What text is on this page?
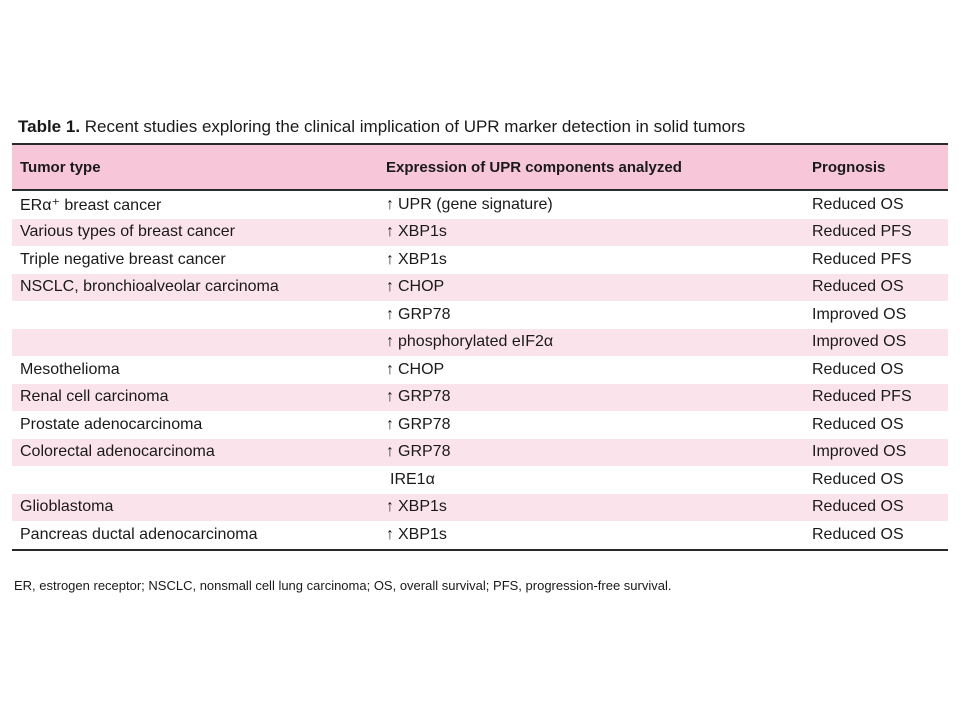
Table 1. Recent studies exploring the clinical implication of UPR marker detection in solid tumors
Tumor type	Expression of UPR components analyzed	Prognosis
ERα⁺ breast cancer	↑ UPR (gene signature)	Reduced OS
Various types of breast cancer	↑ XBP1s	Reduced PFS
Triple negative breast cancer	↑ XBP1s	Reduced PFS
NSCLC, bronchioalveolar carcinoma	↑ CHOP	Reduced OS
	↑ GRP78	Improved OS
	↑ phosphorylated eIF2α	Improved OS
Mesothelioma	↑ CHOP	Reduced OS
Renal cell carcinoma	↑ GRP78	Reduced PFS
Prostate adenocarcinoma	↑ GRP78	Reduced OS
Colorectal adenocarcinoma	↑ GRP78	Improved OS
	IRE1α	Reduced OS
Glioblastoma	↑ XBP1s	Reduced OS
Pancreas ductal adenocarcinoma	↑ XBP1s	Reduced OS
ER, estrogen receptor; NSCLC, nonsmall cell lung carcinoma; OS, overall survival; PFS, progression-free survival.
